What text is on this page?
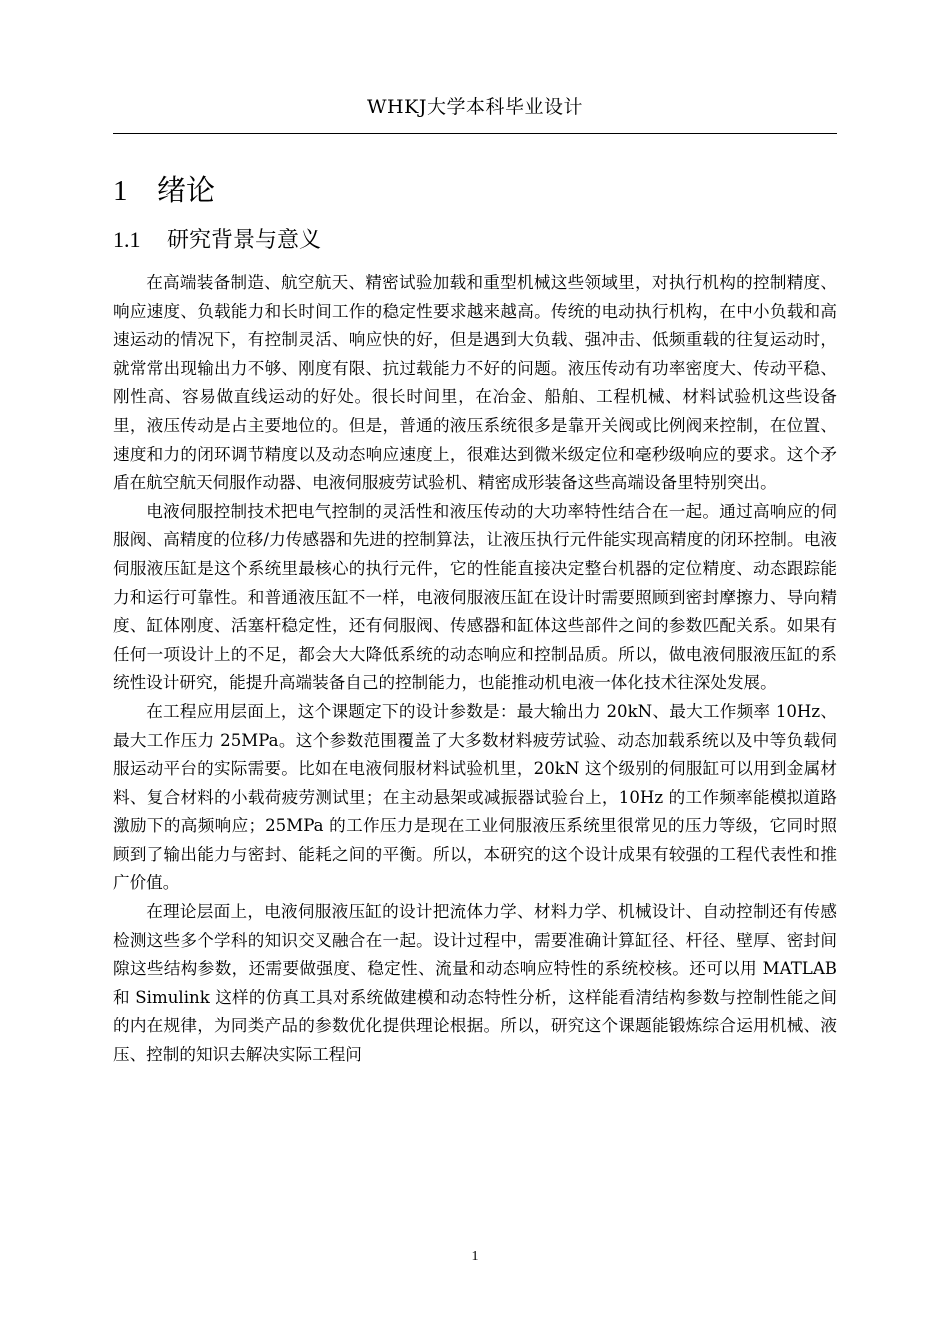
WHKJ大学本科毕业设计
1 绪论
1.1 研究背景与意义

在高端装备制造、航空航天、精密试验加载和重型机械这些领域里，对执行机构的控制精度、响应速度、负载能力和长时间工作的稳定性要求越来越高。传统的电动执行机构，在中小负载和高速运动的情况下，有控制灵活、响应快的好，但是遇到大负载、强冲击、低频重载的往复运动时，就常常出现输出力不够、刚度有限、抗过载能力不好的问题。液压传动有功率密度大、传动平稳、刚性高、容易做直线运动的好处。很长时间里，在冶金、船舶、工程机械、材料试验机这些设备里，液压传动是占主要地位的。但是，普通的液压系统很多是靠开关阀或比例阀来控制，在位置、速度和力的闭环调节精度以及动态响应速度上，很难达到微米级定位和毫秒级响应的要求。这个矛盾在航空航天伺服作动器、电液伺服疲劳试验机、精密成形装备这些高端设备里特别突出。

电液伺服控制技术把电气控制的灵活性和液压传动的大功率特性结合在一起。通过高响应的伺服阀、高精度的位移/力传感器和先进的控制算法，让液压执行元件能实现高精度的闭环控制。电液伺服液压缸是这个系统里最核心的执行元件，它的性能直接决定整台机器的定位精度、动态跟踪能力和运行可靠性。和普通液压缸不一样，电液伺服液压缸在设计时需要照顾到密封摩擦力、导向精度、缸体刚度、活塞杆稳定性，还有伺服阀、传感器和缸体这些部件之间的参数匹配关系。如果有任何一项设计上的不足，都会大大降低系统的动态响应和控制品质。所以，做电液伺服液压缸的系统性设计研究，能提升高端装备自己的控制能力，也能推动机电液一体化技术往深处发展。

在工程应用层面上，这个课题定下的设计参数是：最大输出力 20kN、最大工作频率 10Hz、最大工作压力 25MPa。这个参数范围覆盖了大多数材料疲劳试验、动态加载系统以及中等负载伺服运动平台的实际需要。比如在电液伺服材料试验机里，20kN 这个级别的伺服缸可以用到金属材料、复合材料的小载荷疲劳测试里；在主动悬架或减振器试验台上，10Hz 的工作频率能模拟道路激励下的高频响应；25MPa 的工作压力是现在工业伺服液压系统里很常见的压力等级，它同时照顾到了输出能力与密封、能耗之间的平衡。所以，本研究的这个设计成果有较强的工程代表性和推广价值。

在理论层面上，电液伺服液压缸的设计把流体力学、材料力学、机械设计、自动控制还有传感检测这些多个学科的知识交叉融合在一起。设计过程中，需要准确计算缸径、杆径、壁厚、密封间隙这些结构参数，还需要做强度、稳定性、流量和动态响应特性的系统校核。还可以用 MATLAB 和 Simulink 这样的仿真工具对系统做建模和动态特性分析，这样能看清结构参数与控制性能之间的内在规律，为同类产品的参数优化提供理论根据。所以，研究这个课题能锻炼综合运用机械、液压、控制的知识去解决实际工程问

1
